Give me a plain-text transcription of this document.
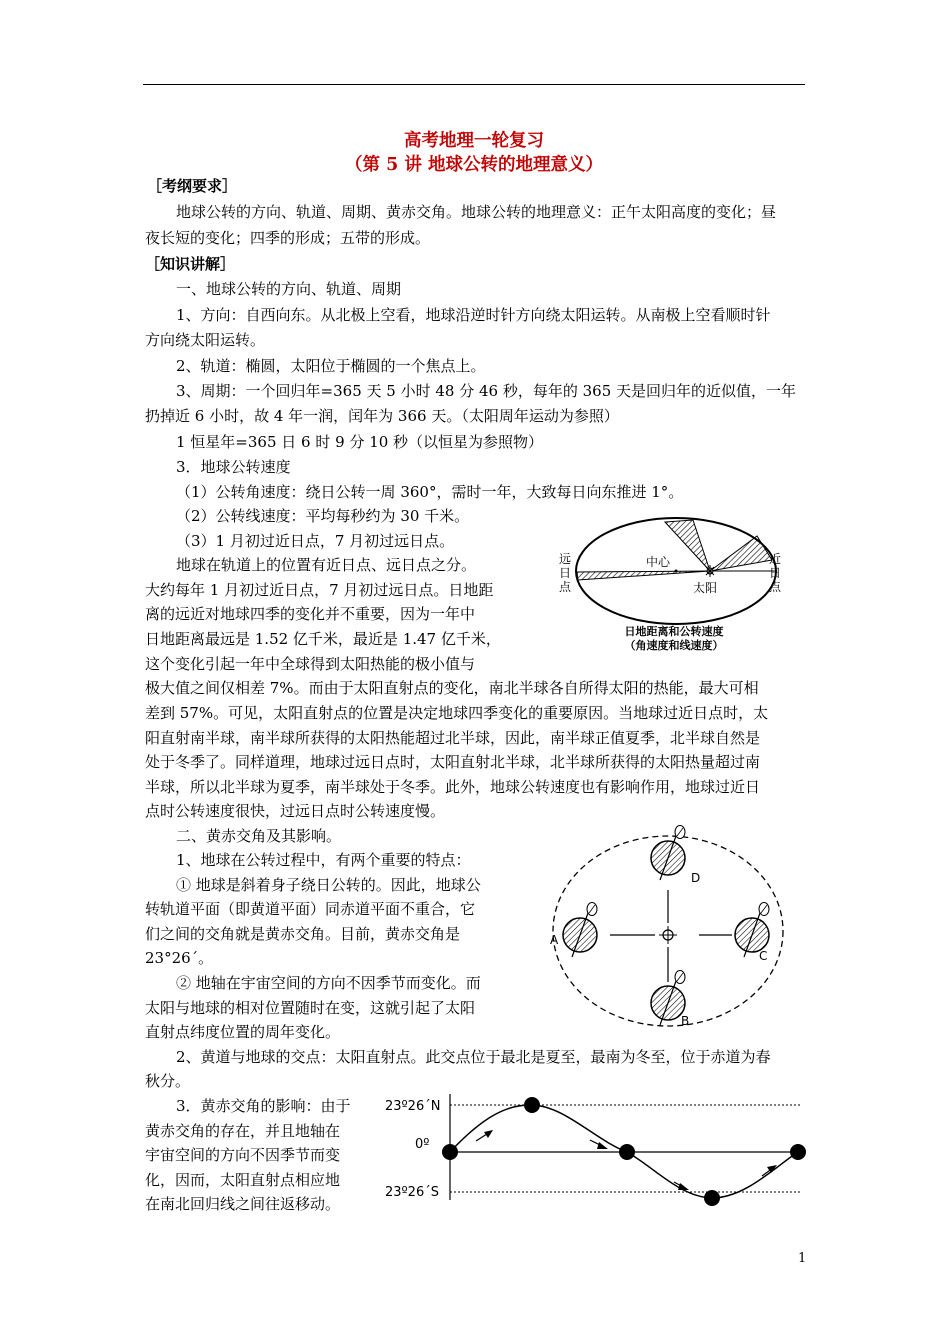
高考地理一轮复习
（第 5 讲 地球公转的地理意义）
［考纲要求］
地球公转的方向、轨道、周期、黄赤交角。地球公转的地理意义：正午太阳高度的变化；昼
夜长短的变化；四季的形成；五带的形成。
［知识讲解］
一、地球公转的方向、轨道、周期
1、方向：自西向东。从北极上空看，地球沿逆时针方向绕太阳运转。从南极上空看顺时针
方向绕太阳运转。
2、轨道：椭圆，太阳位于椭圆的一个焦点上。
3、周期：一个回归年=365 天 5 小时 48 分 46 秒，每年的 365 天是回归年的近似值，一年
扔掉近 6 小时，故 4 年一润，闰年为 366 天。（太阳周年运动为参照）
1 恒星年=365 日 6 时 9 分 10 秒（以恒星为参照物）
3．地球公转速度
（1）公转角速度：绕日公转一周 360°，需时一年，大致每日向东推进 1°。
（2）公转线速度：平均每秒约为 30 千米。
（3）1 月初过近日点，7 月初过远日点。
地球在轨道上的位置有近日点、远日点之分。
大约每年 1 月初过近日点，7 月初过远日点。日地距
离的远近对地球四季的变化并不重要，因为一年中
日地距离最远是 1.52 亿千米，最近是 1.47 亿千米，
这个变化引起一年中全球得到太阳热能的极小值与
极大值之间仅相差 7%。而由于太阳直射点的变化，南北半球各自所得太阳的热能，最大可相
差到 57%。可见，太阳直射点的位置是决定地球四季变化的重要原因。当地球过近日点时，太
阳直射南半球，南半球所获得的太阳热能超过北半球，因此，南半球正值夏季，北半球自然是
处于冬季了。同样道理，地球过远日点时，太阳直射北半球，北半球所获得的太阳热量超过南
半球，所以北半球为夏季，南半球处于冬季。此外，地球公转速度也有影响作用，地球过近日
点时公转速度很快，过远日点时公转速度慢。
二、黄赤交角及其影响。
1、地球在公转过程中，有两个重要的特点：
① 地球是斜着身子绕日公转的。因此，地球公
转轨道平面（即黄道平面）同赤道平面不重合，它
们之间的交角就是黄赤交角。目前，黄赤交角是
23°26´。
② 地轴在宇宙空间的方向不因季节而变化。而
太阳与地球的相对位置随时在变，这就引起了太阳
直射点纬度位置的周年变化。
2、黄道与地球的交点：太阳直射点。此交点位于最北是夏至，最南为冬至，位于赤道为春
秋分。
3．黄赤交角的影响：由于
黄赤交角的存在，并且地轴在
宇宙空间的方向不因季节而变
化，因而，太阳直射点相应地
在南北回归线之间往返移动。
中心
太阳
远
日
点
近
日
点
日地距离和公转速度
（角速度和线速度）
A
D
C
B
23º26´N
0º
23º26´S
1
